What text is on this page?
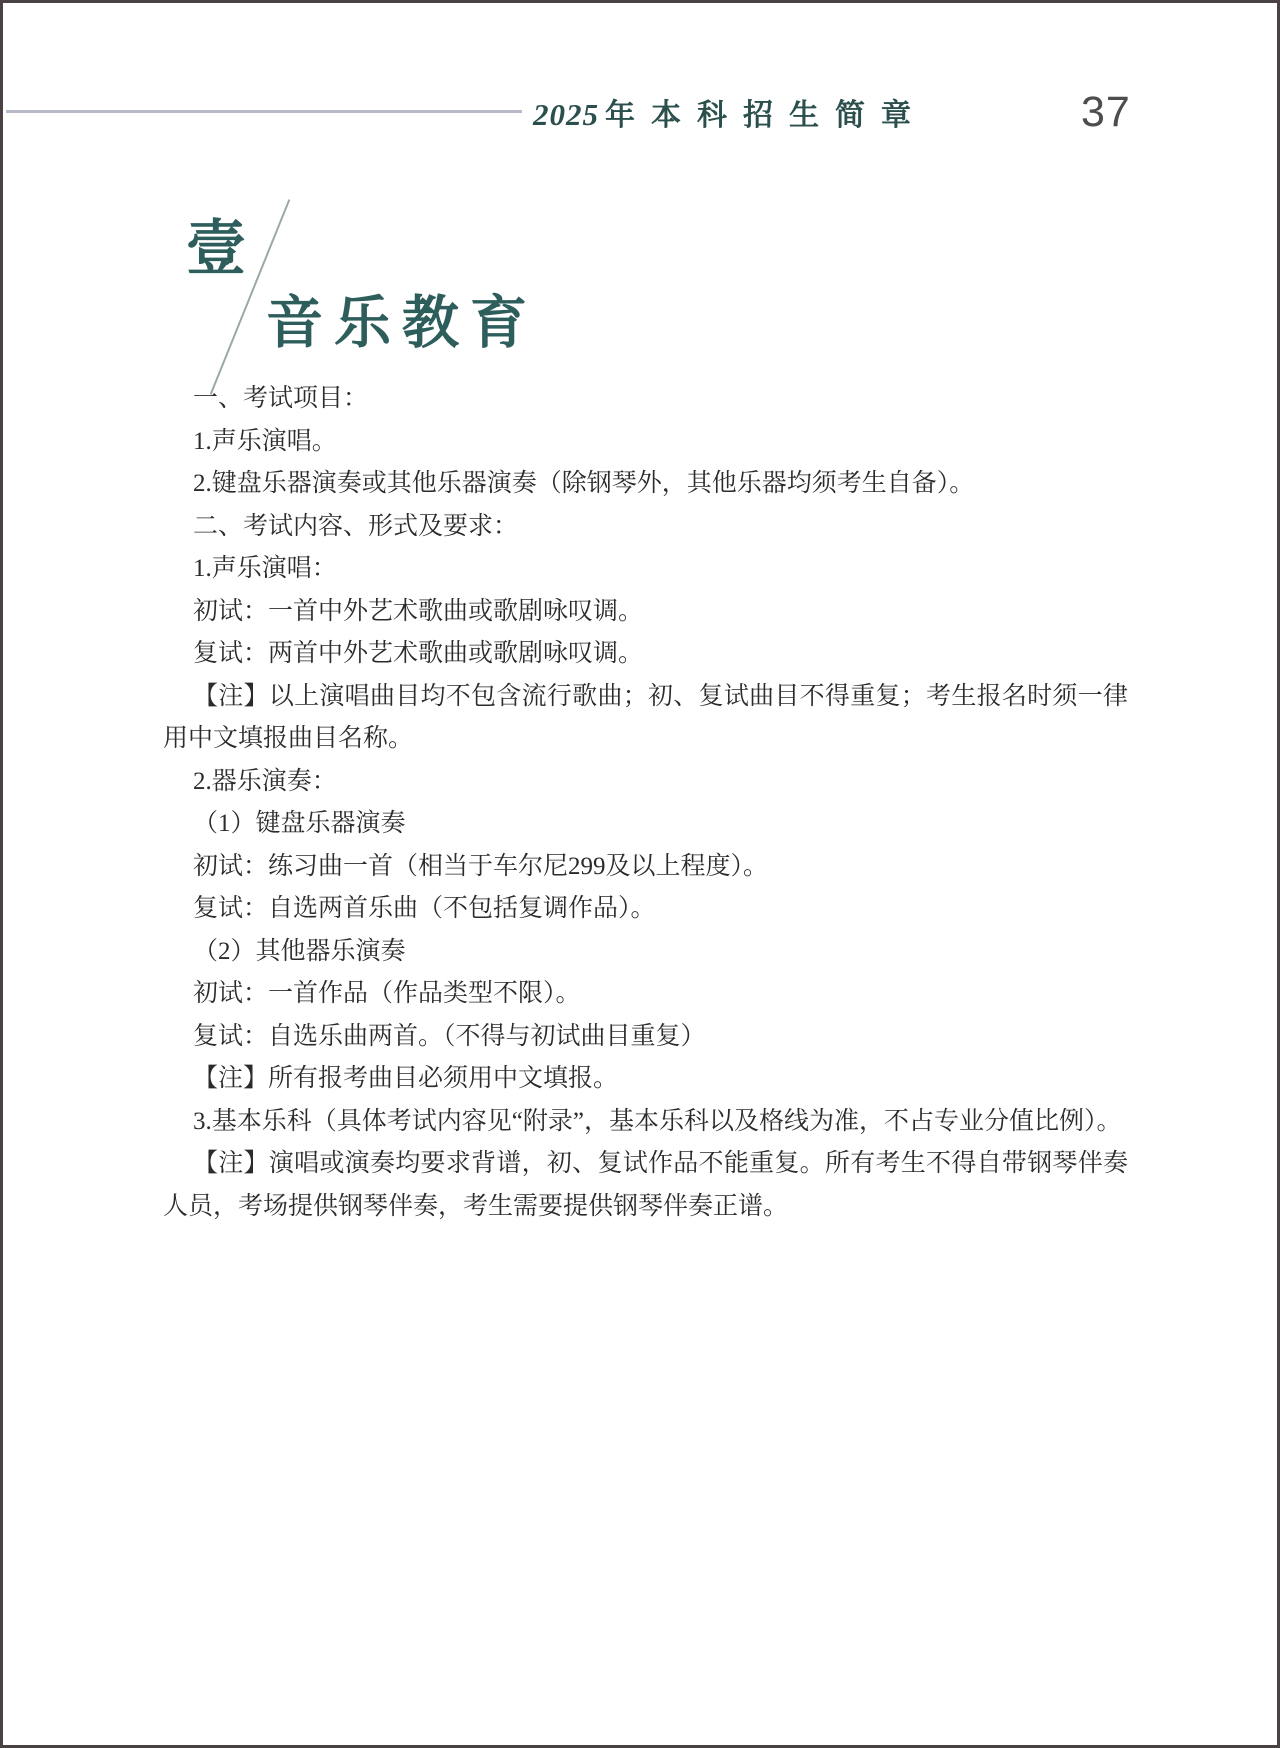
2025 年本科招生简章	37
壹
音乐教育

一、考试项目：

1.声乐演唱。

2.键盘乐器演奏或其他乐器演奏（除钢琴外，其他乐器均须考生自备）。

二、考试内容、形式及要求：

1.声乐演唱：

初试：一首中外艺术歌曲或歌剧咏叹调。

复试：两首中外艺术歌曲或歌剧咏叹调。

【注】以上演唱曲目均不包含流行歌曲；初、复试曲目不得重复；考生报名时须一律用中文填报曲目名称。

2.器乐演奏：

（1）键盘乐器演奏

初试：练习曲一首（相当于车尔尼299及以上程度）。

复试：自选两首乐曲（不包括复调作品）。

（2）其他器乐演奏

初试：一首作品（作品类型不限）。

复试：自选乐曲两首。（不得与初试曲目重复）

【注】所有报考曲目必须用中文填报。

3.基本乐科（具体考试内容见“附录”，基本乐科以及格线为准，不占专业分值比例）。

【注】演唱或演奏均要求背谱，初、复试作品不能重复。所有考生不得自带钢琴伴奏人员，考场提供钢琴伴奏，考生需要提供钢琴伴奏正谱。
